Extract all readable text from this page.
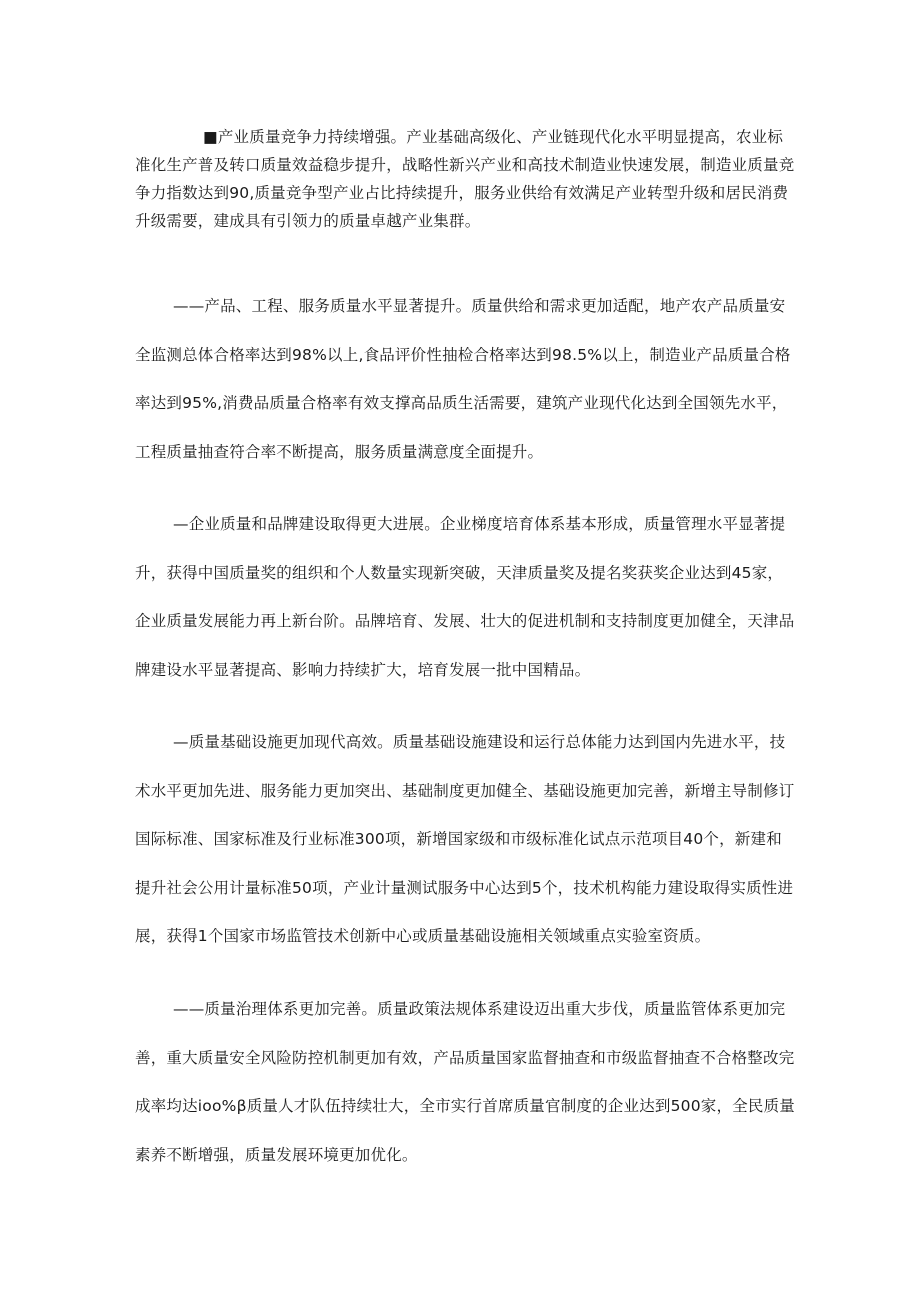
■产业质量竞争力持续增强。产业基础高级化、产业链现代化水平明显提高，农业标准化生产普及转口质量效益稳步提升，战略性新兴产业和高技术制造业快速发展，制造业质量竞争力指数达到90,质量竞争型产业占比持续提升，服务业供给有效满足产业转型升级和居民消费升级需要，建成具有引领力的质量卓越产业集群。

——产品、工程、服务质量水平显著提升。质量供给和需求更加适配，地产农产品质量安全监测总体合格率达到98%以上,食品评价性抽检合格率达到98.5%以上，制造业产品质量合格率达到95%,消费品质量合格率有效支撑高品质生活需要，建筑产业现代化达到全国领先水平，工程质量抽查符合率不断提高，服务质量满意度全面提升。

—企业质量和品牌建设取得更大进展。企业梯度培育体系基本形成，质量管理水平显著提升，获得中国质量奖的组织和个人数量实现新突破，天津质量奖及提名奖获奖企业达到45家，企业质量发展能力再上新台阶。品牌培育、发展、壮大的促进机制和支持制度更加健全，天津品牌建设水平显著提高、影响力持续扩大，培育发展一批中国精品。

—质量基础设施更加现代高效。质量基础设施建设和运行总体能力达到国内先进水平，技术水平更加先进、服务能力更加突出、基础制度更加健全、基础设施更加完善，新增主导制修订国际标准、国家标准及行业标准300项，新增国家级和市级标准化试点示范项目40个，新建和提升社会公用计量标准50项，产业计量测试服务中心达到5个，技术机构能力建设取得实质性进展，获得1个国家市场监管技术创新中心或质量基础设施相关领域重点实验室资质。

——质量治理体系更加完善。质量政策法规体系建设迈出重大步伐，质量监管体系更加完善，重大质量安全风险防控机制更加有效，产品质量国家监督抽查和市级监督抽查不合格整改完成率均达ioo%β质量人才队伍持续壮大，全市实行首席质量官制度的企业达到500家，全民质量素养不断增强，质量发展环境更加优化。
